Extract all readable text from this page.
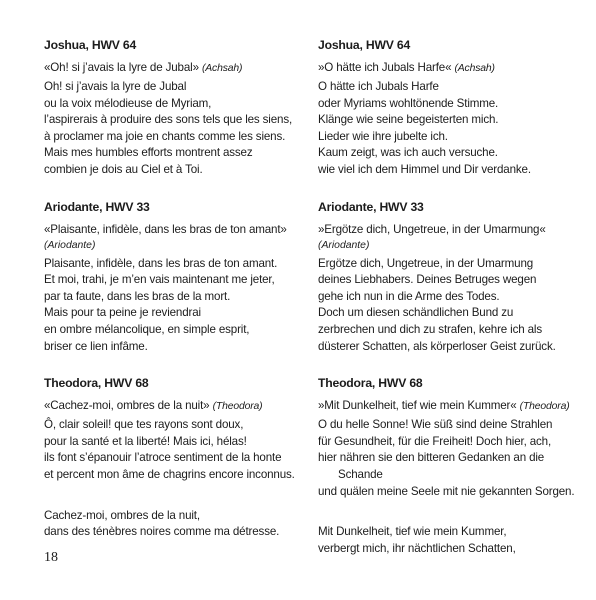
Joshua, HWV 64
«Oh! si j’avais la lyre de Jubal» (Achsah)
Oh! si j’avais la lyre de Jubal
ou la voix mélodieuse de Myriam,
l’aspirerais à produire des sons tels que les siens,
à proclamer ma joie en chants comme les siens.
Mais mes humbles efforts montrent assez
combien je dois au Ciel et à Toi.
Ariodante, HWV 33
«Plaisante, infidèle, dans les bras de ton amant»
(Ariodante)
Plaisante, infidèle, dans les bras de ton amant.
Et moi, trahi, je m’en vais maintenant me jeter,
par ta faute, dans les bras de la mort.
Mais pour ta peine je reviendrai
en ombre mélancolique, en simple esprit,
briser ce lien infâme.
Theodora, HWV 68
«Cachez-moi, ombres de la nuit» (Theodora)
Ô, clair soleil! que tes rayons sont doux,
pour la santé et la liberté! Mais ici, hélas!
ils font s’épanouir l’atroce sentiment de la honte
et percent mon âme de chagrins encore inconnus.
Cachez-moi, ombres de la nuit,
dans des ténèbres noires comme ma détresse.
Joshua, HWV 64
»O hätte ich Jubals Harfe« (Achsah)
O hätte ich Jubals Harfe
oder Myriams wohltönende Stimme.
Klänge wie seine begeisterten mich.
Lieder wie ihre jubelte ich.
Kaum zeigt, was ich auch versuche.
wie viel ich dem Himmel und Dir verdanke.
Ariodante, HWV 33
»Ergötze dich, Ungetreue, in der Umarmung«
(Ariodante)
Ergötze dich, Ungetreue, in der Umarmung
deines Liebhabers. Deines Betruges wegen
gehe ich nun in die Arme des Todes.
Doch um diesen schändlichen Bund zu
zerbrechen und dich zu strafen, kehre ich als
düsterer Schatten, als körperloser Geist zurück.
Theodora, HWV 68
»Mit Dunkelheit, tief wie mein Kummer« (Theodora)
O du helle Sonne! Wie süß sind deine Strahlen
für Gesundheit, für die Freiheit! Doch hier, ach,
hier nähren sie den bitteren Gedanken an die
Schande
und quälen meine Seele mit nie gekannten Sorgen.
Mit Dunkelheit, tief wie mein Kummer,
verbergt mich, ihr nächtlichen Schatten,
18
